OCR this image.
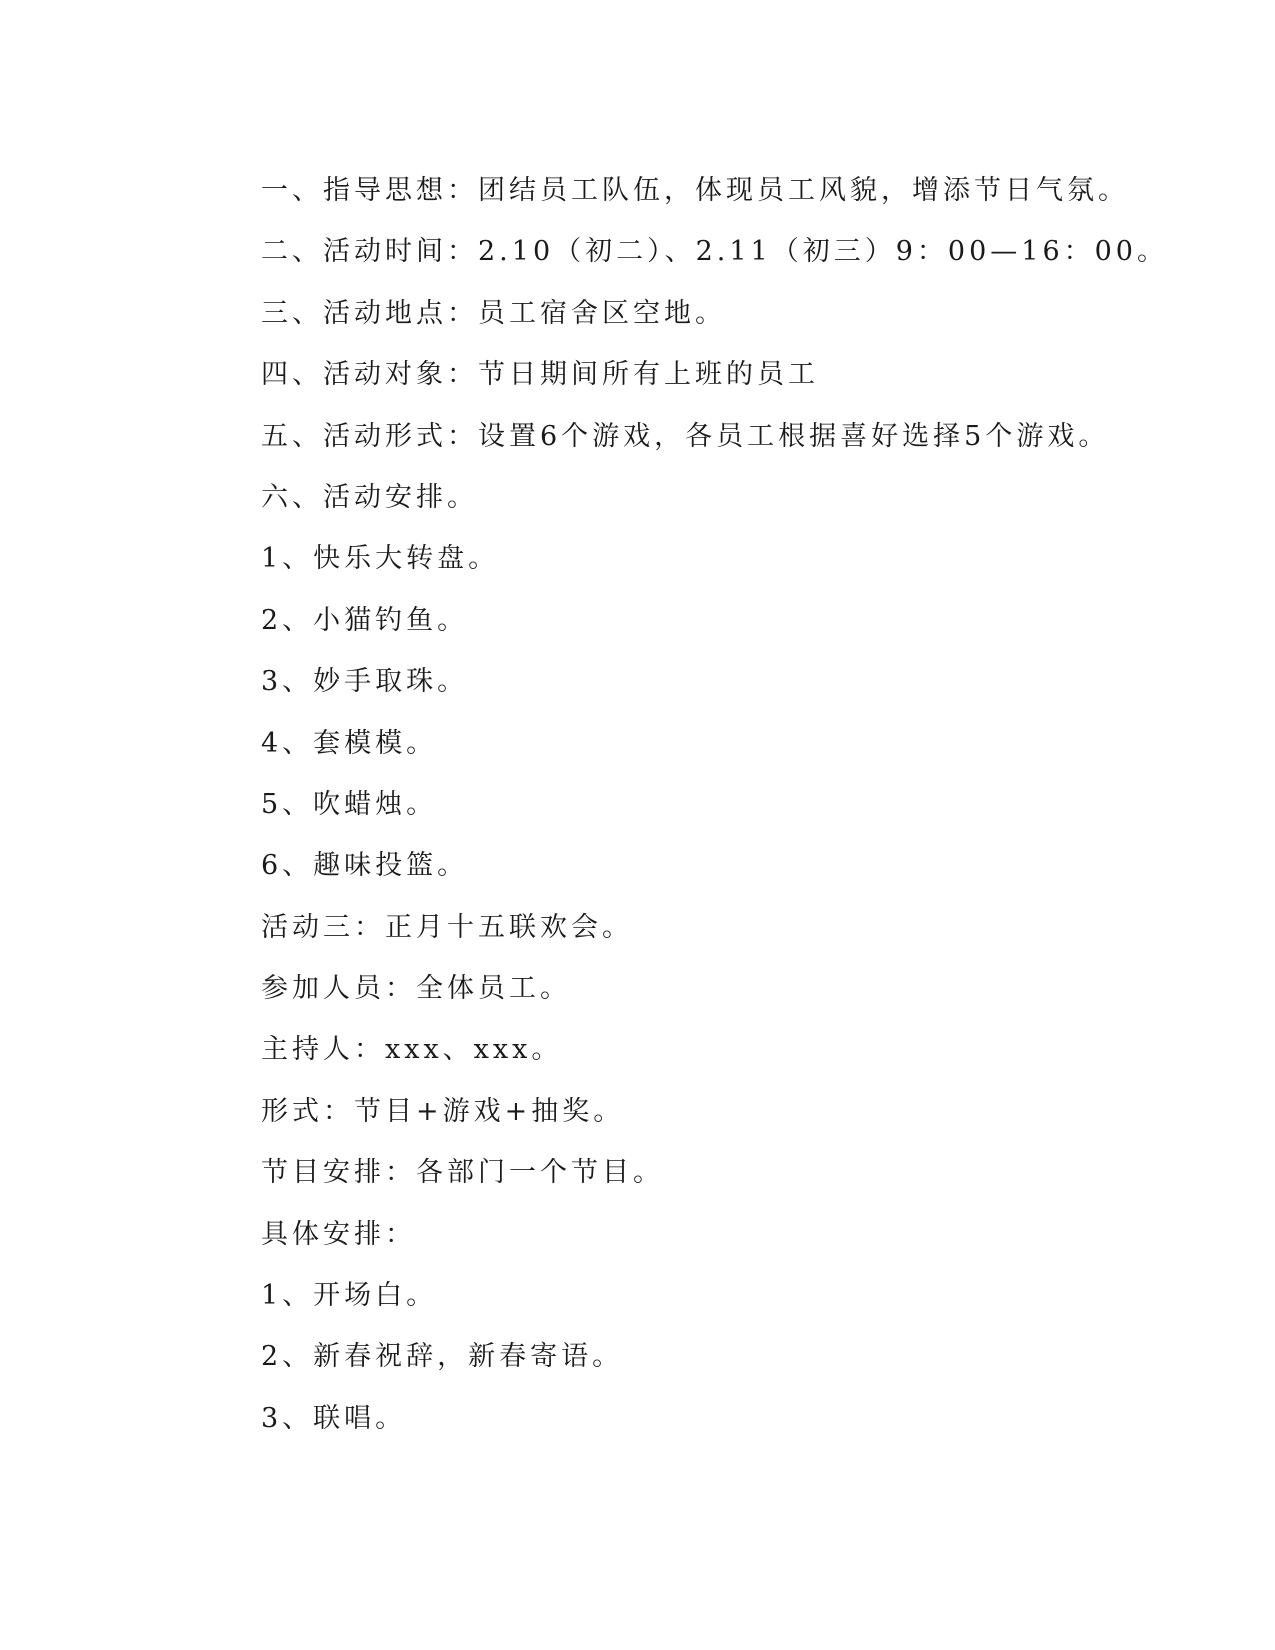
一、指导思想：团结员工队伍，体现员工风貌，增添节日气氛。
二、活动时间：2.10（初二）、2.11（初三）9：00—16：00。
三、活动地点：员工宿舍区空地。
四、活动对象：节日期间所有上班的员工
五、活动形式：设置6个游戏，各员工根据喜好选择5个游戏。
六、活动安排。
1、快乐大转盘。
2、小猫钓鱼。
3、妙手取珠。
4、套模模。
5、吹蜡烛。
6、趣味投篮。
活动三：正月十五联欢会。
参加人员：全体员工。
主持人：xxx、xxx。
形式：节目+游戏+抽奖。
节目安排：各部门一个节目。
具体安排：
1、开场白。
2、新春祝辞，新春寄语。
3、联唱。
